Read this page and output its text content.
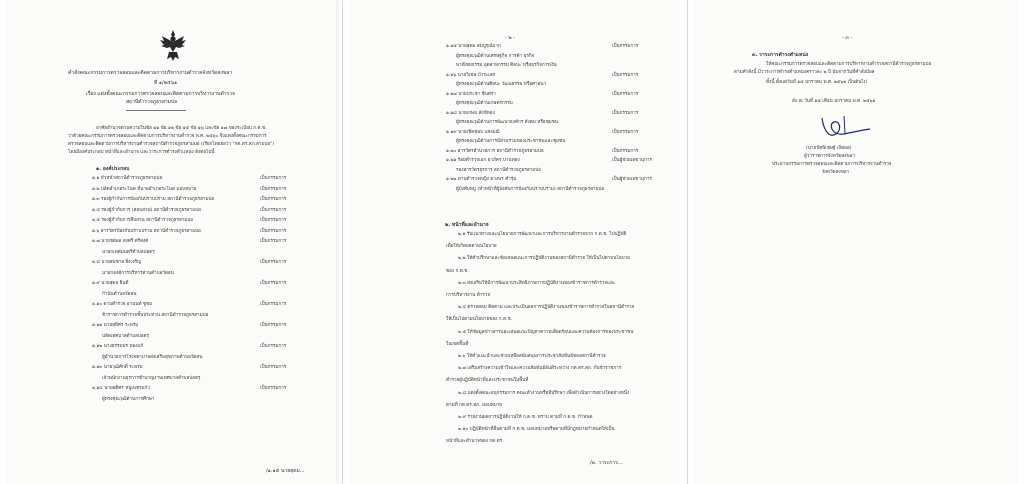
คำสั่งคณะกรรมการตรวจสอบและติดตามการบริหารงานตำรวจจังหวัดสงขลา
ที่ ๑/๒๕๖๑
เรื่อง แต่งตั้งคณะกรรมการตรวจสอบและติดตามการบริหารงานตำรวจ
สถานีตำรวจภูธรสามบ่อ
อาศัยอำนาจตามความในข้อ ๑๑ ข้อ ๑๒ ข้อ ๑๕ ข้อ ๑๖ และข้อ ๑๗ ของระเบียบ ก.ต.ช.
ว่าด้วยคณะกรรมการตรวจสอบและติดตามการบริหารงานตำรวจ พ.ศ. ๒๕๖๐ จึงแต่งตั้งคณะกรรมการ
ตรวจสอบและติดตามการบริหารงานตำรวจสถานีตำรวจภูธรสามบ่อ (เรียกโดยย่อว่า "กต.ตร.สภ.สามบ่อ")
โดยมีองค์ประกอบ หน้าที่และอำนาจ และวาระการดำรงตำแหน่ง ดังต่อไปนี้
๑. องค์ประกอบ
๑.๑ หัวหน้าสถานีตำรวจภูธรสามบ่อ	เป็นกรรมการ
๑.๒ ปลัดอำเภอระโนด ที่นายอำเภอระโนด มอบหมาย	เป็นกรรมการ
๑.๓ รองผู้กำกับการป้องกันปราบปราม สถานีตำรวจภูธรสามบ่อ	เป็นกรรมการ
๑.๔ รองผู้กำกับการ (สอบสวน) สถานีตำรวจภูธรสามบ่อ	เป็นกรรมการ
๑.๕ รองผู้กำกับการสืบสวน สถานีตำรวจภูธรสามบ่อ	เป็นกรรมการ
๑.๖ สารวัตรป้องกันปราบปราม สถานีตำรวจภูธรสามบ่อ	เป็นกรรมการ
๑.๗ นายชยพล สงศรี ศรีสงค์	เป็นกรรมการ
นายกเทศมนตรีตำบลบ่อตรุ
๑.๘ นายสมชาย ยิ่งเจริญ	เป็นกรรมการ
นายกองค์การบริหารส่วนตำบลวัดสน
๑.๙ นายสุดล ยินดี	เป็นกรรมการ
กำนันตำบลวัดสน
๑.๑๐ ดาบตำรวจ อานนท์ ชูชม	เป็นกรรมการ
ข้าราชการตำรวจชั้นประทวน สถานีตำรวจภูธรสามบ่อ
๑.๑๑ นายสุทิศร ระพรม	เป็นกรรมการ
ปลัดเทศบาลตำบลบ่อตรุ
๑.๑๒ นางธรรมพร ทองแก้	เป็นกรรมการ
ผู้อำนวยการโรงพยาบาลส่งเสริมสุขภาพตำบลวัดสน
๑.๑๓ นายวุฒิศักดิ์ ระพรม	เป็นกรรมการ
เจ้าพนักงานธุรการชำนาญงานเทศบาลตำบลบ่อตรุ
๑.๑๔ นายอดิศร หนูเพชรแก้ว	เป็นกรรมการ
ผู้ทรงคุณวุฒิด้านการศึกษา
/๑.๑๕ นายสุดม...
- ๒ -
๑.๑๕ นายสุดม สมบูรณ์มาก	เป็นกรรมการ
ผู้ทรงคุณวุฒิด้านเศรษฐกิจ การค้า ธุรกิจ
พาณิชยกรรม อุตสาหกรรม ศิลปะ หรือธุรกิจการเงิน
๑.๑๖ นายวิเชษ บัวระเสก	เป็นกรรมการ
ผู้ทรงคุณวุฒิด้านศิลปะ วัฒนธรรม หรือศาสนา
๑.๑๗ นายประชา ชินศรา	เป็นกรรมการ
ผู้ทรงคุณวุฒิด้านเกษตรกรรม
๑.๑๘ นายเกษม สังข์ทอง	เป็นกรรมการ
ผู้ทรงคุณวุฒิด้านการพัฒนาองค์กร สังคม หรือชุมชน
๑.๑๙ นายเชิดชอบ แสงมณี	เป็นกรรมการ
ผู้ทรงคุณวุฒิด้านการมีส่วนร่วมของประชาชนและชุมชน
๑.๒๐ สารวัตรอำนวยการ สถานีตำรวจภูธรสามบ่อ	เป็นกรรมการ
๑.๒๑ ร้อยตำรวจเอก อาภัคร ปานทอง	เป็นผู้ช่วยเลขานุการ
รองสารวัตรธุรการ สถานีตำรวจภูธรสามบ่อ
๑.๒๒ ดาบตำรวจหญิง ดวงพร คำรุ่ม	เป็นผู้ช่วยเลขานุการ
ผู้บังคับหมู่ (ทำหน้าที่ผู้บังคับการป้องกันปราบปราม) สถานีตำรวจภูธรสามบ่อ
๒. หน้าที่และอำนาจ
๒.๑ รับแนวทางและนโยบายการพัฒนาและการบริหารงานตำรวจจาก ก.ต.ช. ไปปฏิบัติ
เพื่อให้เกิดผลตามนโยบาย
๒.๒ ให้คำปรึกษาและข้อเสนอแนะการปฏิบัติงานของสถานีตำรวจ ให้เป็นไปตามนโยบาย
ของ ก.ต.ช.
๒.๓ ส่งเสริมให้มีการพัฒนาประสิทธิภาพการปฏิบัติงานของข้าราชการตำรวจและ
การบริหารงาน ตำรวจ
๒.๔ ตรวจสอบ ติดตาม และประเมินผลการปฏิบัติงานของข้าราชการตำรวจในสถานีตำรวจ
ให้เป็นไปตามนโยบายของ ก.ต.ช.
๒.๕ ให้ข้อมูลข่าวสารและเสนอแนะปัญหาความเดือดร้อนและความต้องการของประชาชน
ในเขตพื้นที่
๒.๖ ให้คำแนะนำและช่วยเหลือสนับสนุนการประชาสัมพันธ์ของสถานีตำรวจ
๒.๗ เสริมสร้างความเข้าใจและความสัมพันธ์อันดีระหว่าง กต.ตร.สภ. กับข้าราชการ
ตำรวจผู้ปฏิบัติหน้าที่และประชาชนในพื้นที่
๒.๘ แต่งตั้งคณะอนุกรรมการ คณะทำงานหรือที่ปรึกษา เพื่อดำเนินการอย่างใดอย่างหนึ่ง
ตามที่ กต.ตร.สภ. มอบหมาย
๒.๙ รายงานผลการปฏิบัติงานให้ ก.ต.ช. ทราบ ตามที่ ก.ต.ช. กำหนด
๒.๑๐ ปฏิบัติหน้าที่อื่นตามที่ ก.ต.ช. มอบหมายหรือตามที่มีกฎหมายกำหนดให้เป็น
หน้าที่และอำนาจของ กต.ตร.
/๓. วาระการ...
- ๓ -
๓. วาระการดำรงตำแหน่ง
ให้คณะกรรมการตรวจสอบและติดตามการบริหารงานตำรวจสถานีตำรวจภูธรสามบ่อ
ตามคำสั่งนี้ มีวาระการดำรงตำแหน่งคราวละ ๒ ปี นับจากวันที่คำสั่งมีผล
ทั้งนี้ ตั้งแต่วันที่ ๑๕ มกราคม พ.ศ. ๒๕๖๑ เป็นต้นไป
สั่ง ณ วันที่ ๑๕ เดือน มกราคม พ.ศ. ๒๕๖๑
(นายปัทพิเชษฐ์ เกิดผล)
ผู้ว่าราชการจังหวัดสงขลา
ประธานกรรมการตรวจสอบและติดตามการบริหารงานตำรวจ
จังหวัดสงขลา
